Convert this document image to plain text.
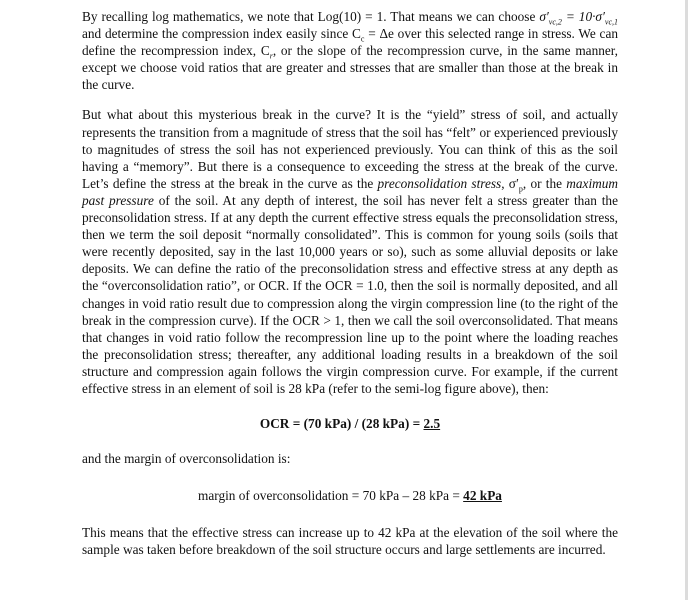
By recalling log mathematics, we note that Log(10) = 1. That means we can choose $\sigma'_{vc,2} = 10\cdot\sigma'_{vc,1}$ and determine the compression index easily since $C_c = \Delta e$ over this selected range in stress. We can define the recompression index, $C_r$, or the slope of the recompression curve, in the same manner, except we choose void ratios that are greater and stresses that are smaller than those at the break in the curve.

But what about this mysterious break in the curve? It is the “yield” stress of soil, and actually represents the transition from a magnitude of stress that the soil has “felt” or experienced previously to magnitudes of stress the soil has not experienced previously. You can think of this as the soil having a “memory”. But there is a consequence to exceeding the stress at the break of the curve. Let’s define the stress at the break in the curve as the preconsolidation stress, $\sigma'_p$, or the maximum past pressure of the soil. At any depth of interest, the soil has never felt a stress greater than the preconsolidation stress. If at any depth the current effective stress equals the preconsolidation stress, then we term the soil deposit “normally consolidated”. This is common for young soils (soils that were recently deposited, say in the last 10,000 years or so), such as some alluvial deposits or lake deposits. We can define the ratio of the preconsolidation stress and effective stress at any depth as the “overconsolidation ratio”, or OCR. If the OCR = 1.0, then the soil is normally deposited, and all changes in void ratio result due to compression along the virgin compression line (to the right of the break in the compression curve). If the OCR > 1, then we call the soil overconsolidated. That means that changes in void ratio follow the recompression line up to the point where the loading reaches the preconsolidation stress; thereafter, any additional loading results in a breakdown of the soil structure and compression again follows the virgin compression curve. For example, if the current effective stress in an element of soil is 28 kPa (refer to the semi-log figure above), then:

OCR = (70 kPa) / (28 kPa) = 2.5

and the margin of overconsolidation is:

margin of overconsolidation = 70 kPa – 28 kPa = 42 kPa

This means that the effective stress can increase up to 42 kPa at the elevation of the soil where the sample was taken before breakdown of the soil structure occurs and large settlements are incurred.
